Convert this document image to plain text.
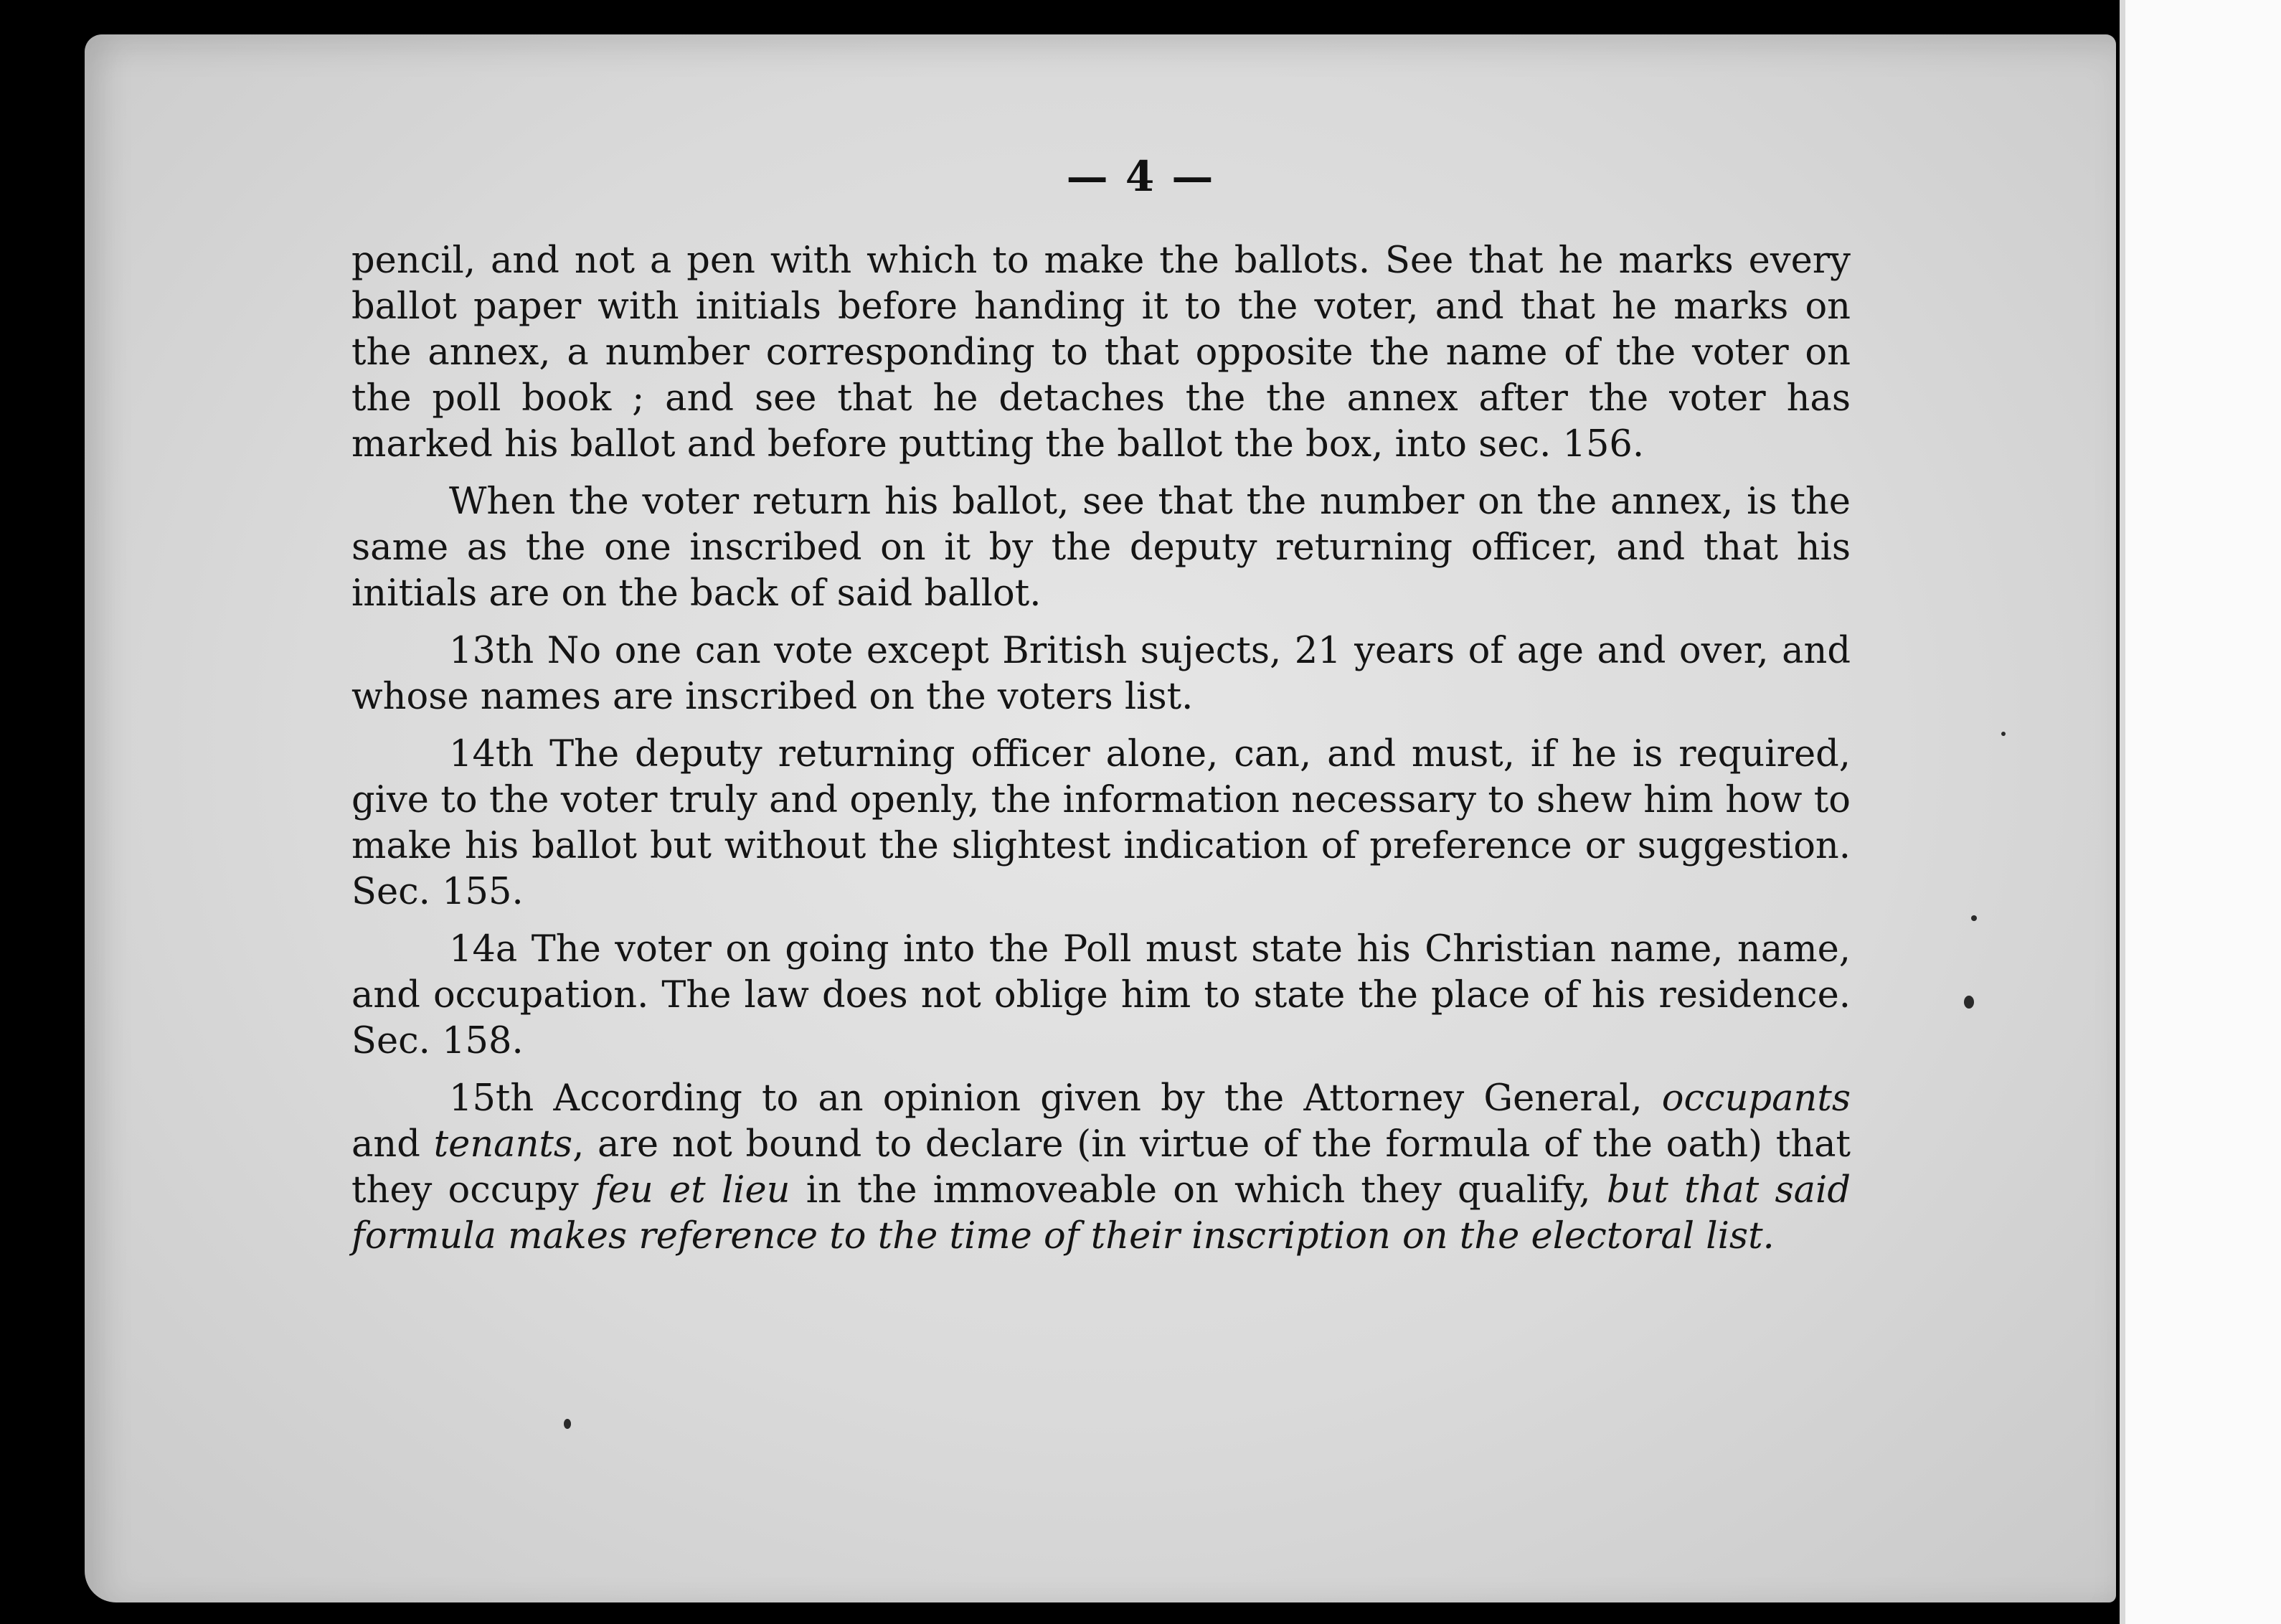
— 4 —

pencil, and not a pen with which to make the ballots. See that he marks every ballot paper with initials before handing it to the voter, and that he marks on the annex, a number corresponding to that opposite the name of the voter on the poll book ; and see that he detaches the the annex after the voter has marked his ballot and before putting the ballot the box, into sec. 156.

When the voter return his ballot, see that the number on the annex, is the same as the one inscribed on it by the deputy returning officer, and that his initials are on the back of said ballot.

13th No one can vote except British sujects, 21 years of age and over, and whose names are inscribed on the voters list.

14th The deputy returning officer alone, can, and must, if he is required, give to the voter truly and openly, the information necessary to shew him how to make his ballot but without the slightest indication of preference or suggestion. Sec. 155.

14a The voter on going into the Poll must state his Christian name, name, and occupation. The law does not oblige him to state the place of his residence. Sec. 158.

15th According to an opinion given by the Attorney General, occupants and tenants, are not bound to declare (in virtue of the formula of the oath) that they occupy feu et lieu in the immoveable on which they qualify, but that said formula makes reference to the time of their inscription on the electoral list.
